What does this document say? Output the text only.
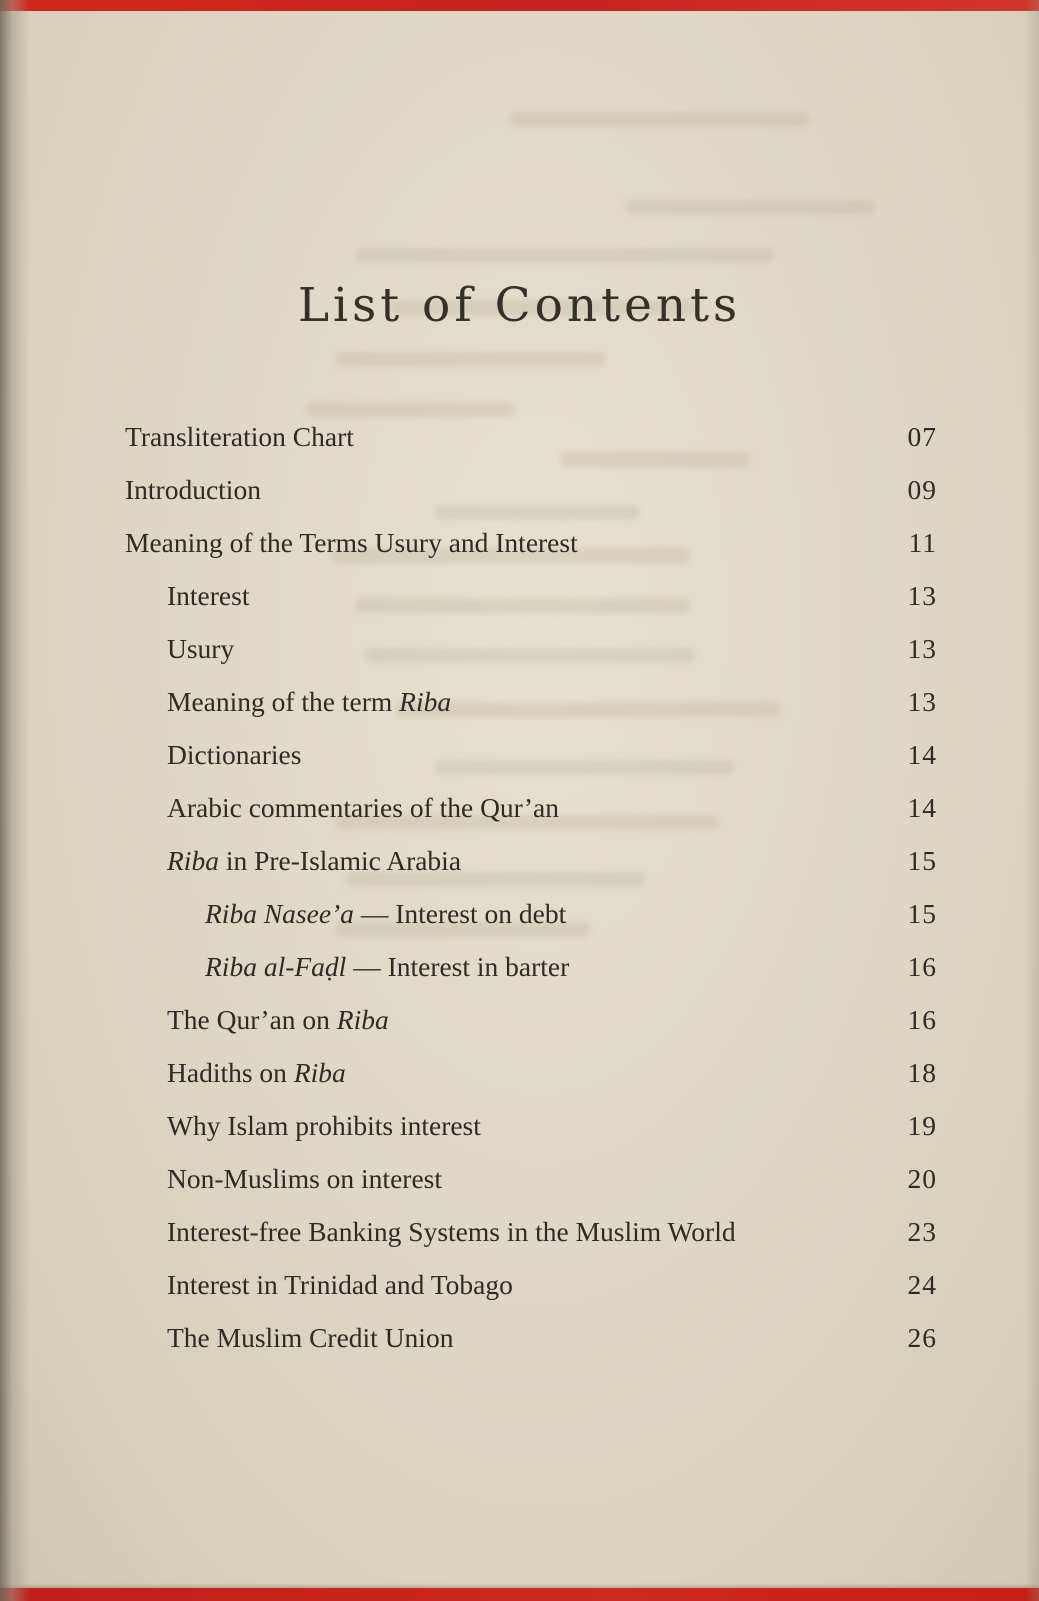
List of Contents
Transliteration Chart	07
Introduction	09
Meaning of the Terms Usury and Interest	11
Interest	13
Usury	13
Meaning of the term Riba	13
Dictionaries	14
Arabic commentaries of the Qur’an	14
Riba in Pre-Islamic Arabia	15
Riba Nasee’a — Interest on debt	15
Riba al-Faḍl — Interest in barter	16
The Qur’an on Riba	16
Hadiths on Riba	18
Why Islam prohibits interest	19
Non-Muslims on interest	20
Interest-free Banking Systems in the Muslim World	23
Interest in Trinidad and Tobago	24
The Muslim Credit Union	26
